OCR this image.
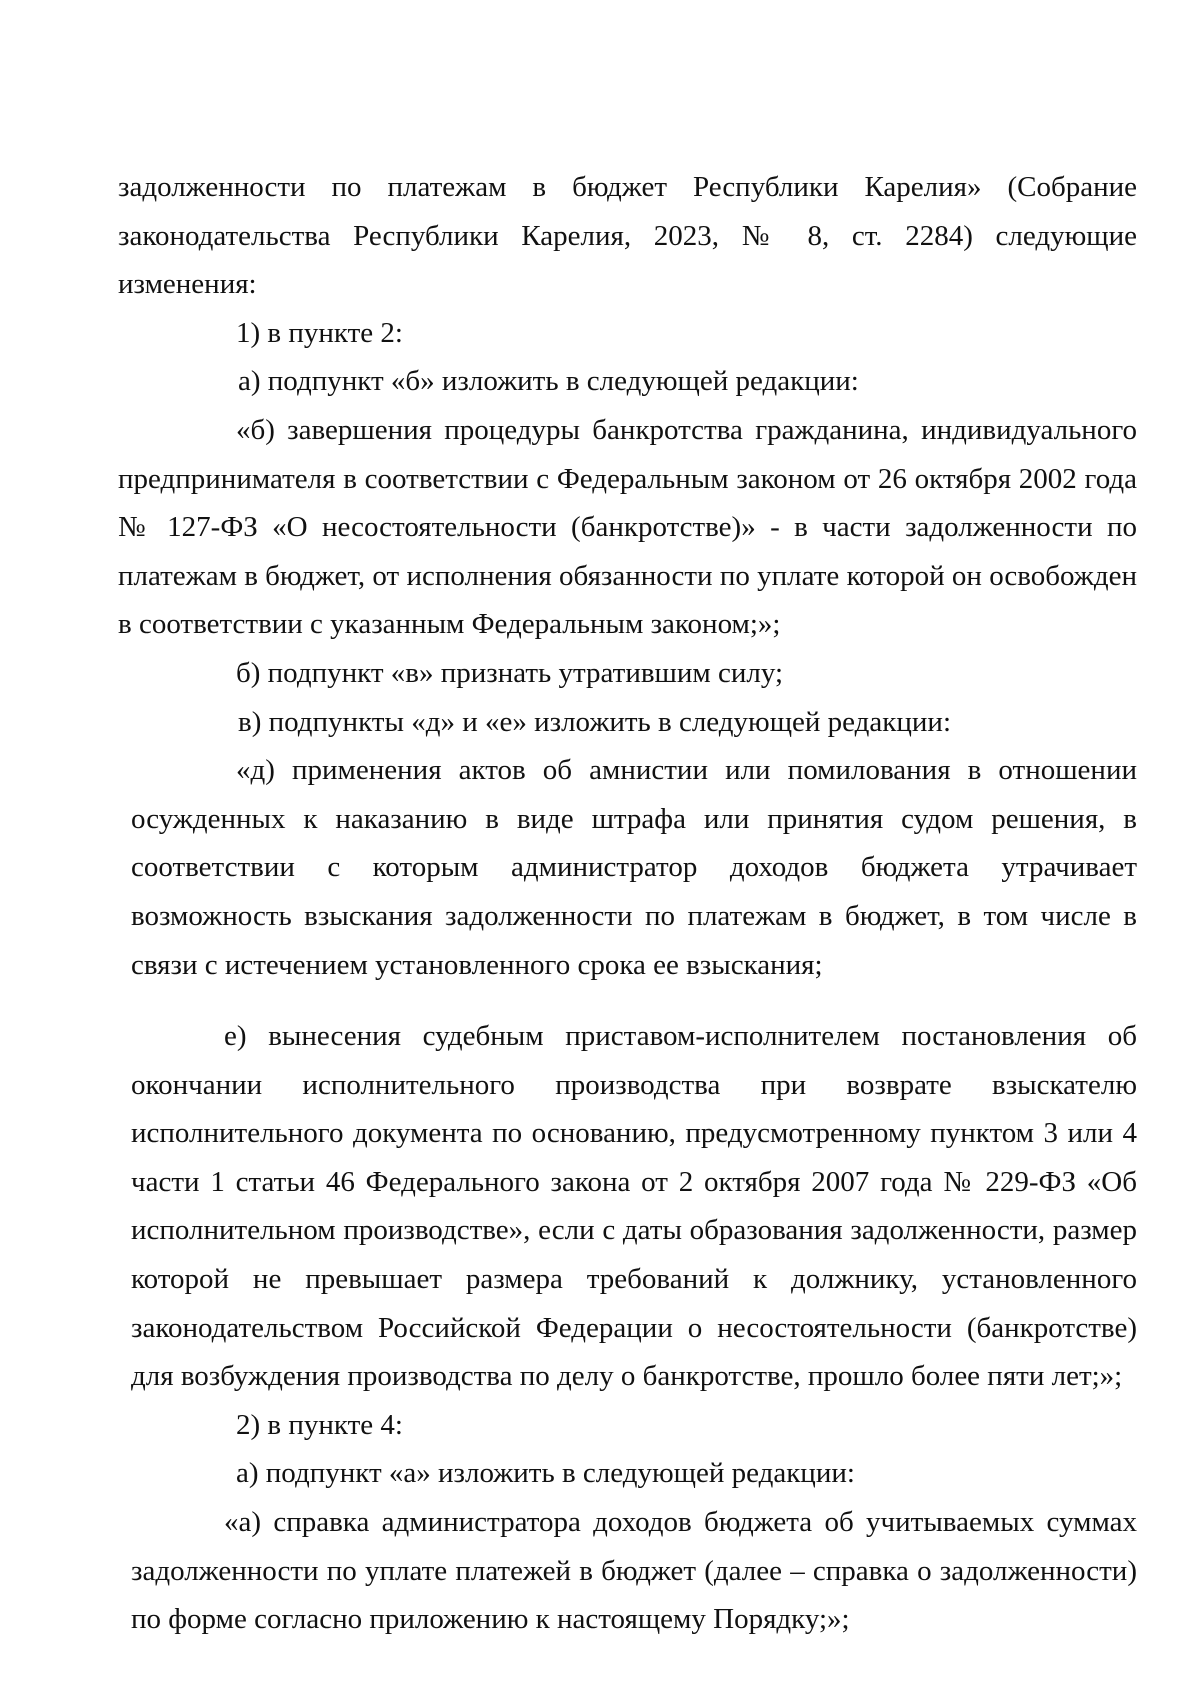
задолженности по платежам в бюджет Республики Карелия» (Собрание законодательства Республики Карелия, 2023, № 8, ст. 2284) следующие изменения:

1) в пункте 2:

а) подпункт «б» изложить в следующей редакции:

«б) завершения процедуры банкротства гражданина, индивидуального предпринимателя в соответствии с Федеральным законом от 26 октября 2002 года № 127-ФЗ «О несостоятельности (банкротстве)» - в части задолженности по платежам в бюджет, от исполнения обязанности по уплате которой он освобожден в соответствии с указанным Федеральным законом;»;

б) подпункт «в» признать утратившим силу;

в) подпункты «д» и «е» изложить в следующей редакции:

«д) применения актов об амнистии или помилования в отношении осужденных к наказанию в виде штрафа или принятия судом решения, в соответствии с которым администратор доходов бюджета утрачивает возможность взыскания задолженности по платежам в бюджет, в том числе в связи с истечением установленного срока ее взыскания;

е) вынесения судебным приставом-исполнителем постановления об окончании исполнительного производства при возврате взыскателю исполнительного документа по основанию, предусмотренному пунктом 3 или 4 части 1 статьи 46 Федерального закона от 2 октября 2007 года № 229-ФЗ «Об исполнительном производстве», если с даты образования задолженности, размер которой не превышает размера требований к должнику, установленного законодательством Российской Федерации о несостоятельности (банкротстве) для возбуждения производства по делу о банкротстве, прошло более пяти лет;»;

2) в пункте 4:

а) подпункт «а» изложить в следующей редакции:

«а) справка администратора доходов бюджета об учитываемых суммах задолженности по уплате платежей в бюджет (далее – справка о задолженности) по форме согласно приложению к настоящему Порядку;»;
